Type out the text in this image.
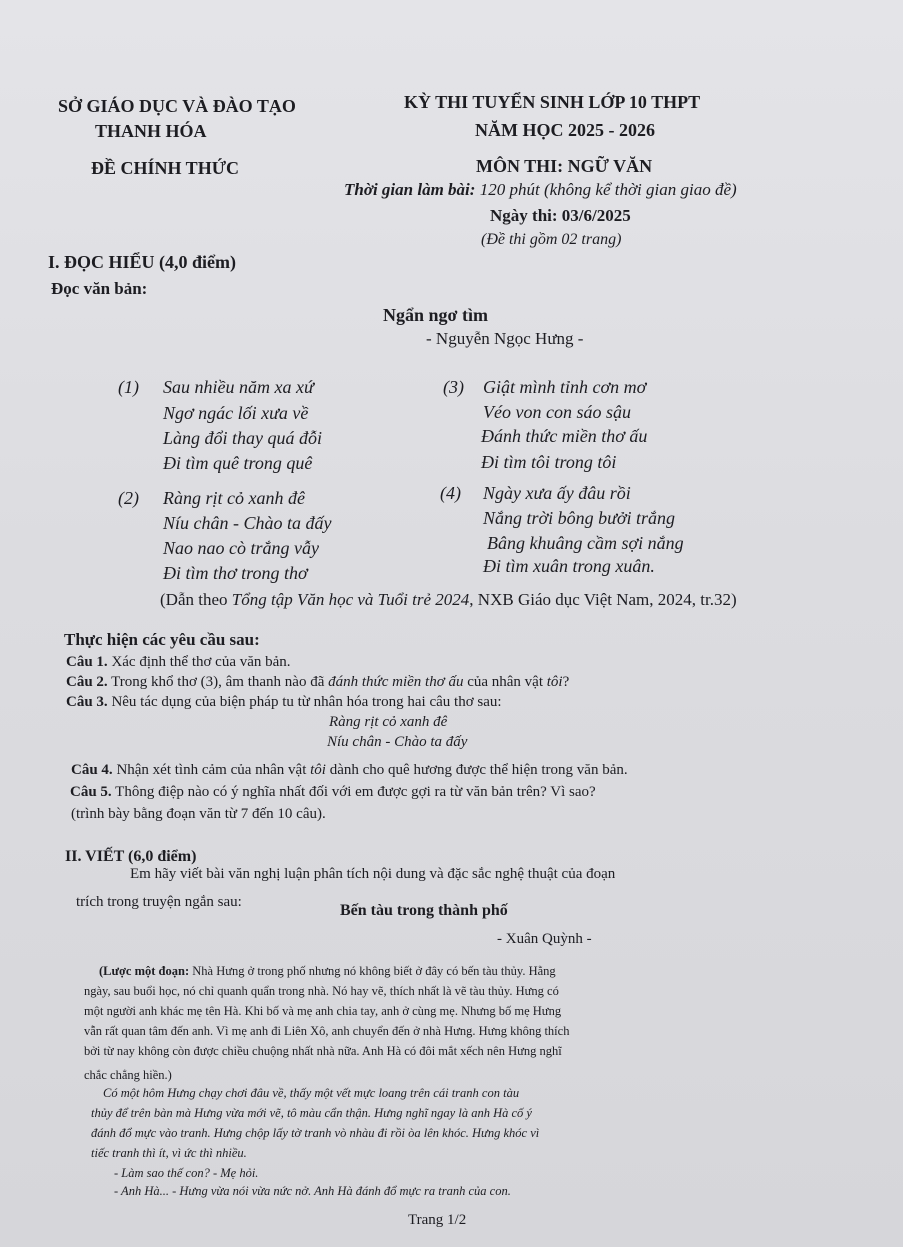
SỞ GIÁO DỤC VÀ ĐÀO TẠO
THANH HÓA
ĐỀ CHÍNH THỨC
KỲ THI TUYỂN SINH LỚP 10 THPT
NĂM HỌC 2025 - 2026
MÔN THI: NGỮ VĂN
Thời gian làm bài: 120 phút (không kể thời gian giao đề)
Ngày thi: 03/6/2025
(Đề thi gồm 02 trang)
I. ĐỌC HIỂU (4,0 điểm)
Đọc văn bản:
Ngẩn ngơ tìm
- Nguyễn Ngọc Hưng -
(1) Sau nhiều năm xa xứ
Ngơ ngác lối xưa về
Làng đổi thay quá đỗi
Đi tìm quê trong quê
(3) Giật mình tỉnh cơn mơ
Véo von con sáo sậu
Đánh thức miền thơ ấu
Đi tìm tôi trong tôi
(2) Ràng rịt cỏ xanh đê
Níu chân - Chào ta đấy
Nao nao cò trắng vẫy
Đi tìm thơ trong thơ
(4) Ngày xưa ấy đâu rồi
Nắng trời bông bưởi trắng
Bâng khuâng cầm sợi nắng
Đi tìm xuân trong xuân.
(Dẫn theo Tổng tập Văn học và Tuổi trẻ 2024, NXB Giáo dục Việt Nam, 2024, tr.32)
Thực hiện các yêu cầu sau:
Câu 1. Xác định thể thơ của văn bản.
Câu 2. Trong khổ thơ (3), âm thanh nào đã đánh thức miền thơ ấu của nhân vật tôi?
Câu 3. Nêu tác dụng của biện pháp tu từ nhân hóa trong hai câu thơ sau:
Ràng rịt cỏ xanh đê
Níu chân - Chào ta đấy
Câu 4. Nhận xét tình cảm của nhân vật tôi dành cho quê hương được thể hiện trong văn bản.
Câu 5. Thông điệp nào có ý nghĩa nhất đối với em được gợi ra từ văn bản trên? Vì sao?
(trình bày bằng đoạn văn từ 7 đến 10 câu).
II. VIẾT (6,0 điểm)
Em hãy viết bài văn nghị luận phân tích nội dung và đặc sắc nghệ thuật của đoạn
trích trong truyện ngắn sau:	Bến tàu trong thành phố
- Xuân Quỳnh -
(Lược một đoạn: Nhà Hưng ở trong phố nhưng nó không biết ở đây có bến tàu thủy. Hằng
ngày, sau buổi học, nó chỉ quanh quẩn trong nhà. Nó hay vẽ, thích nhất là vẽ tàu thủy. Hưng có
một người anh khác mẹ tên Hà. Khi bố và mẹ anh chia tay, anh ở cùng mẹ. Nhưng bố mẹ Hưng
vẫn rất quan tâm đến anh. Vì mẹ anh đi Liên Xô, anh chuyển đến ở nhà Hưng. Hưng không thích
bởi từ nay không còn được chiều chuộng nhất nhà nữa. Anh Hà có đôi mắt xếch nên Hưng nghĩ
chắc chẳng hiền.)
Có một hôm Hưng chạy chơi đâu về, thấy một vết mực loang trên cái tranh con tàu
thủy để trên bàn mà Hưng vừa mới vẽ, tô màu cẩn thận. Hưng nghĩ ngay là anh Hà cố ý
đánh đổ mực vào tranh. Hưng chộp lấy tờ tranh vò nhàu đi rồi òa lên khóc. Hưng khóc vì
tiếc tranh thì ít, vì ức thì nhiều.
- Làm sao thế con? - Mẹ hỏi.
- Anh Hà... - Hưng vừa nói vừa nức nở. Anh Hà đánh đổ mực ra tranh của con.
Trang 1/2
